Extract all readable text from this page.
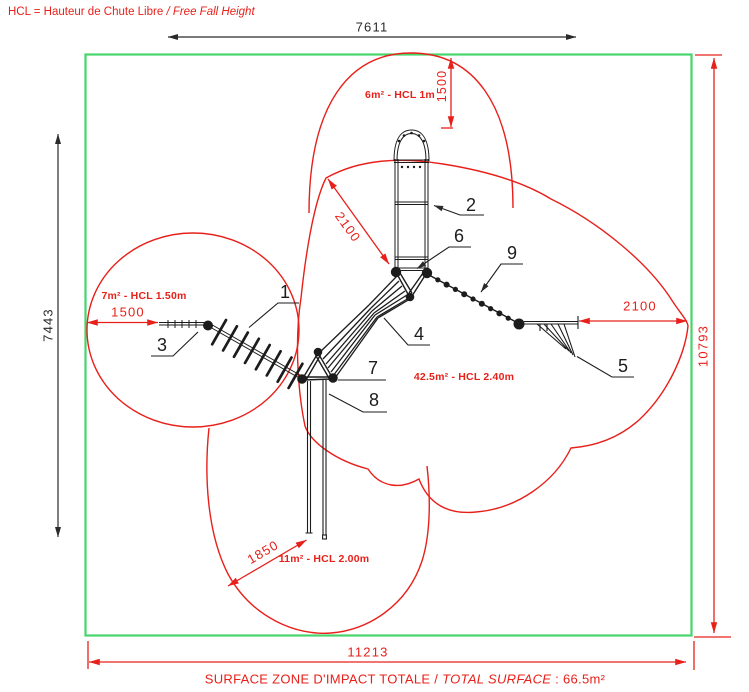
HCL = Hauteur de Chute Libre / Free Fall Height
7611
7443	10793
11213
1500
1500
2100
2100
1850
6m² - HCL 1m
7m² - HCL 1.50m
42.5m² - HCL 2.40m
11m² - HCL 2.00m
1
2
3
4
5
6
7
8
9
SURFACE ZONE D'IMPACT TOTALE / TOTAL SURFACE : 66.5m²
